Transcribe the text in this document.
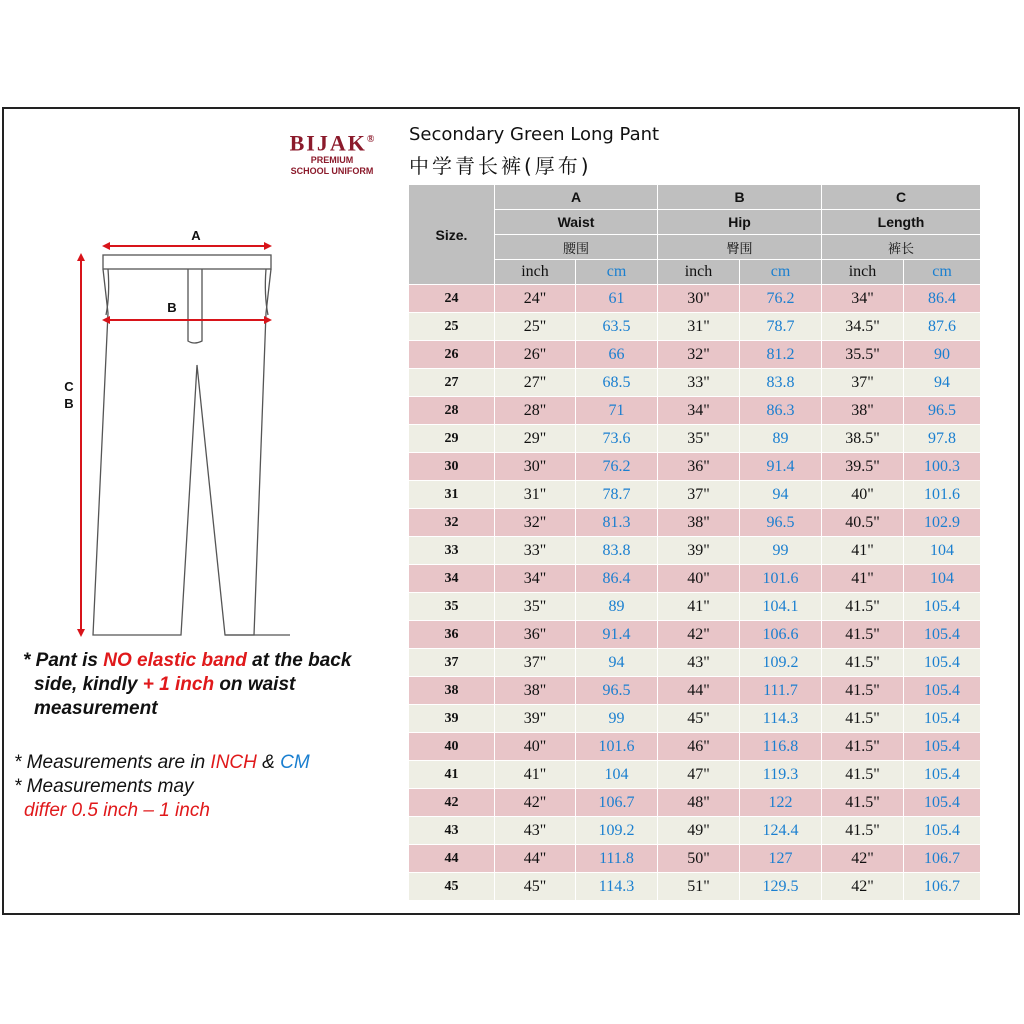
BIJAK®
PREMIUM
SCHOOL UNIFORM
Secondary Green Long Pant
中学青长裤(厚布)
A
B
C
B
* Pant is NO elastic band at the back
side, kindly + 1 inch on waist
measurement
* Measurements are in INCH & CM
* Measurements may

differ 0.5 inch – 1 inch
Size.	A		B		C	
	Waist		Hip		Length	
	腰围		臀围		裤长	
	inch	cm	inch	cm	inch	cm
24	24"	61	30"	76.2	34"	86.4
25	25"	63.5	31"	78.7	34.5"	87.6
26	26"	66	32"	81.2	35.5"	90
27	27"	68.5	33"	83.8	37"	94
28	28"	71	34"	86.3	38"	96.5
29	29"	73.6	35"	89	38.5"	97.8
30	30"	76.2	36"	91.4	39.5"	100.3
31	31"	78.7	37"	94	40"	101.6
32	32"	81.3	38"	96.5	40.5"	102.9
33	33"	83.8	39"	99	41"	104
34	34"	86.4	40"	101.6	41"	104
35	35"	89	41"	104.1	41.5"	105.4
36	36"	91.4	42"	106.6	41.5"	105.4
37	37"	94	43"	109.2	41.5"	105.4
38	38"	96.5	44"	111.7	41.5"	105.4
39	39"	99	45"	114.3	41.5"	105.4
40	40"	101.6	46"	116.8	41.5"	105.4
41	41"	104	47"	119.3	41.5"	105.4
42	42"	106.7	48"	122	41.5"	105.4
43	43"	109.2	49"	124.4	41.5"	105.4
44	44"	111.8	50"	127	42"	106.7
45	45"	114.3	51"	129.5	42"	106.7
